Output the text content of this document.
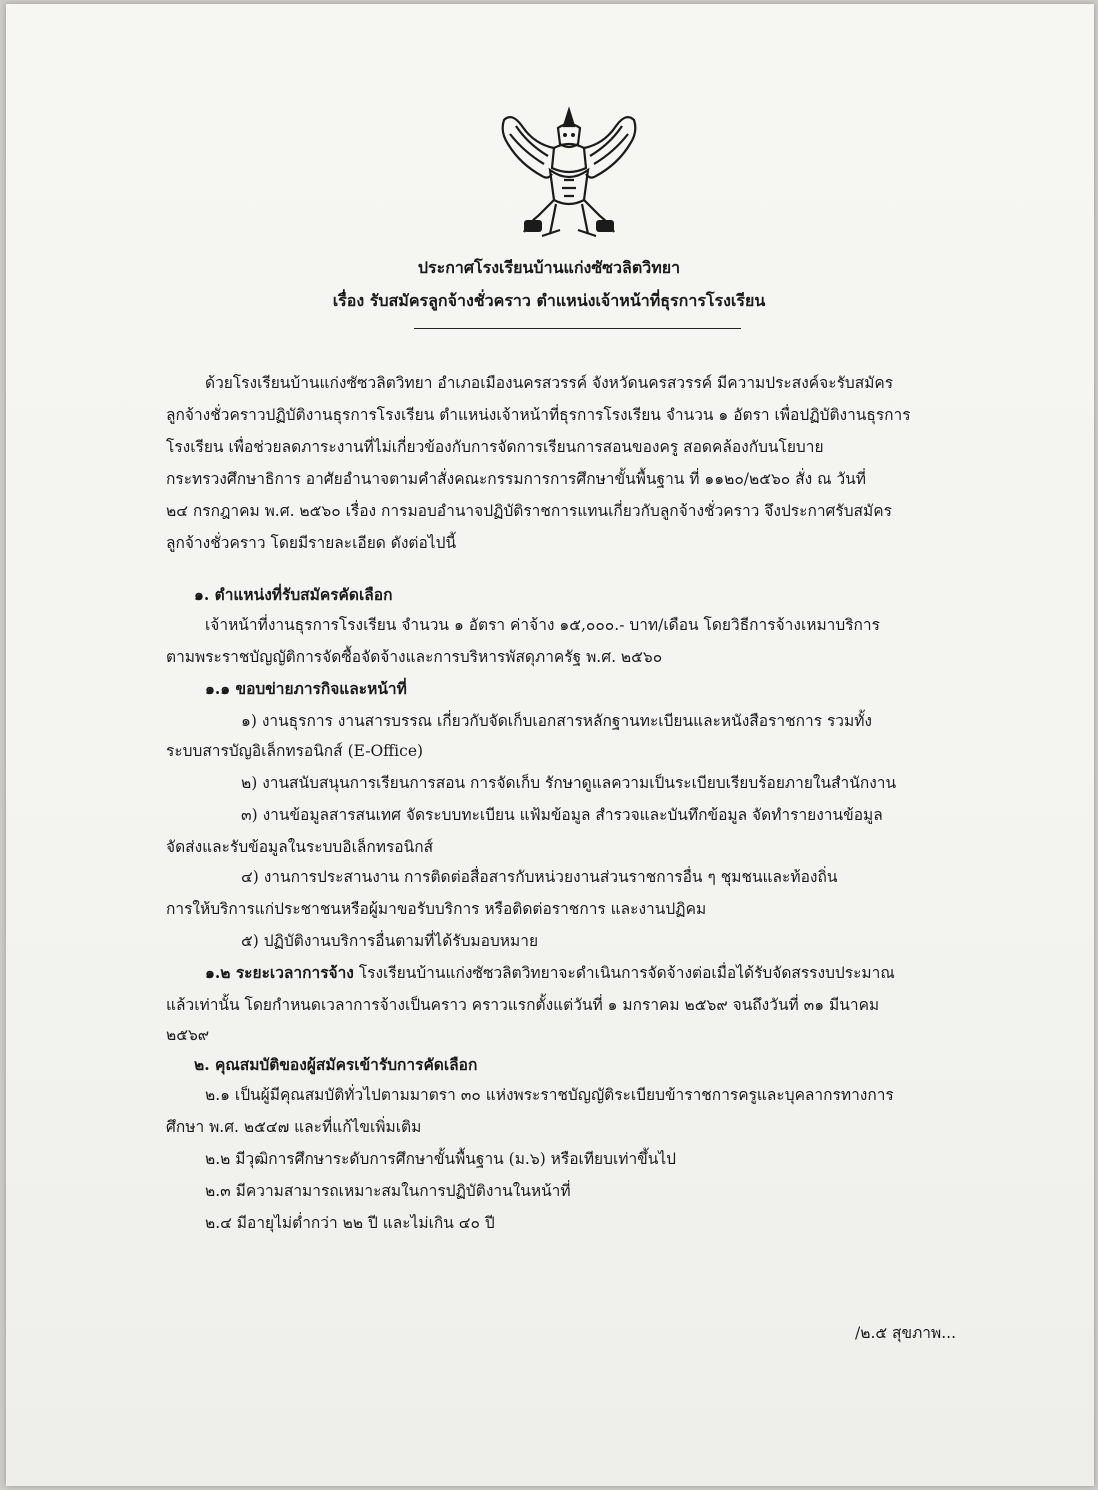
ประกาศโรงเรียนบ้านแก่งซัซวลิตวิทยา
เรื่อง รับสมัครลูกจ้างชั่วคราว ตำแหน่งเจ้าหน้าที่ธุรการโรงเรียน
ด้วยโรงเรียนบ้านแก่งซัซวลิตวิทยา อำเภอเมืองนครสวรรค์ จังหวัดนครสวรรค์ มีความประสงค์จะรับสมัคร
ลูกจ้างชั่วคราวปฏิบัติงานธุรการโรงเรียน ตำแหน่งเจ้าหน้าที่ธุรการโรงเรียน จำนวน ๑ อัตรา เพื่อปฏิบัติงานธุรการ
โรงเรียน เพื่อช่วยลดภาระงานที่ไม่เกี่ยวข้องกับการจัดการเรียนการสอนของครู สอดคล้องกับนโยบาย
กระทรวงศึกษาธิการ อาศัยอำนาจตามคำสั่งคณะกรรมการการศึกษาขั้นพื้นฐาน ที่ ๑๑๒๐/๒๕๖๐ สั่ง ณ วันที่
๒๔ กรกฎาคม พ.ศ. ๒๕๖๐ เรื่อง การมอบอำนาจปฏิบัติราชการแทนเกี่ยวกับลูกจ้างชั่วคราว จึงประกาศรับสมัคร
ลูกจ้างชั่วคราว โดยมีรายละเอียด ดังต่อไปนี้
๑. ตำแหน่งที่รับสมัครคัดเลือก
เจ้าหน้าที่งานธุรการโรงเรียน จำนวน ๑ อัตรา ค่าจ้าง ๑๕,๐๐๐.- บาท/เดือน โดยวิธีการจ้างเหมาบริการ
ตามพระราชบัญญัติการจัดซื้อจัดจ้างและการบริหารพัสดุภาครัฐ พ.ศ. ๒๕๖๐
๑.๑ ขอบข่ายภารกิจและหน้าที่
๑) งานธุรการ งานสารบรรณ เกี่ยวกับจัดเก็บเอกสารหลักฐานทะเบียนและหนังสือราชการ รวมทั้ง
ระบบสารบัญอิเล็กทรอนิกส์ (E-Office)
๒) งานสนับสนุนการเรียนการสอน การจัดเก็บ รักษาดูแลความเป็นระเบียบเรียบร้อยภายในสำนักงาน
๓) งานข้อมูลสารสนเทศ จัดระบบทะเบียน แฟ้มข้อมูล สำรวจและบันทึกข้อมูล จัดทำรายงานข้อมูล
จัดส่งและรับข้อมูลในระบบอิเล็กทรอนิกส์
๔) งานการประสานงาน การติดต่อสื่อสารกับหน่วยงานส่วนราชการอื่น ๆ ชุมชนและท้องถิ่น
การให้บริการแก่ประชาชนหรือผู้มาขอรับบริการ หรือติดต่อราชการ และงานปฏิคม
๕) ปฏิบัติงานบริการอื่นตามที่ได้รับมอบหมาย
๑.๒ ระยะเวลาการจ้าง โรงเรียนบ้านแก่งซัซวลิตวิทยาจะดำเนินการจัดจ้างต่อเมื่อได้รับจัดสรรงบประมาณ
แล้วเท่านั้น โดยกำหนดเวลาการจ้างเป็นคราว คราวแรกตั้งแต่วันที่ ๑ มกราคม ๒๕๖๙ จนถึงวันที่ ๓๑ มีนาคม
๒๕๖๙
๒. คุณสมบัติของผู้สมัครเข้ารับการคัดเลือก
๒.๑ เป็นผู้มีคุณสมบัติทั่วไปตามมาตรา ๓๐ แห่งพระราชบัญญัติระเบียบข้าราชการครูและบุคลากรทางการ
ศึกษา พ.ศ. ๒๕๔๗ และที่แก้ไขเพิ่มเติม
๒.๒ มีวุฒิการศึกษาระดับการศึกษาขั้นพื้นฐาน (ม.๖) หรือเทียบเท่าขึ้นไป
๒.๓ มีความสามารถเหมาะสมในการปฏิบัติงานในหน้าที่
๒.๔ มีอายุไม่ต่ำกว่า ๒๒ ปี และไม่เกิน ๔๐ ปี
/๒.๕ สุขภาพ...
